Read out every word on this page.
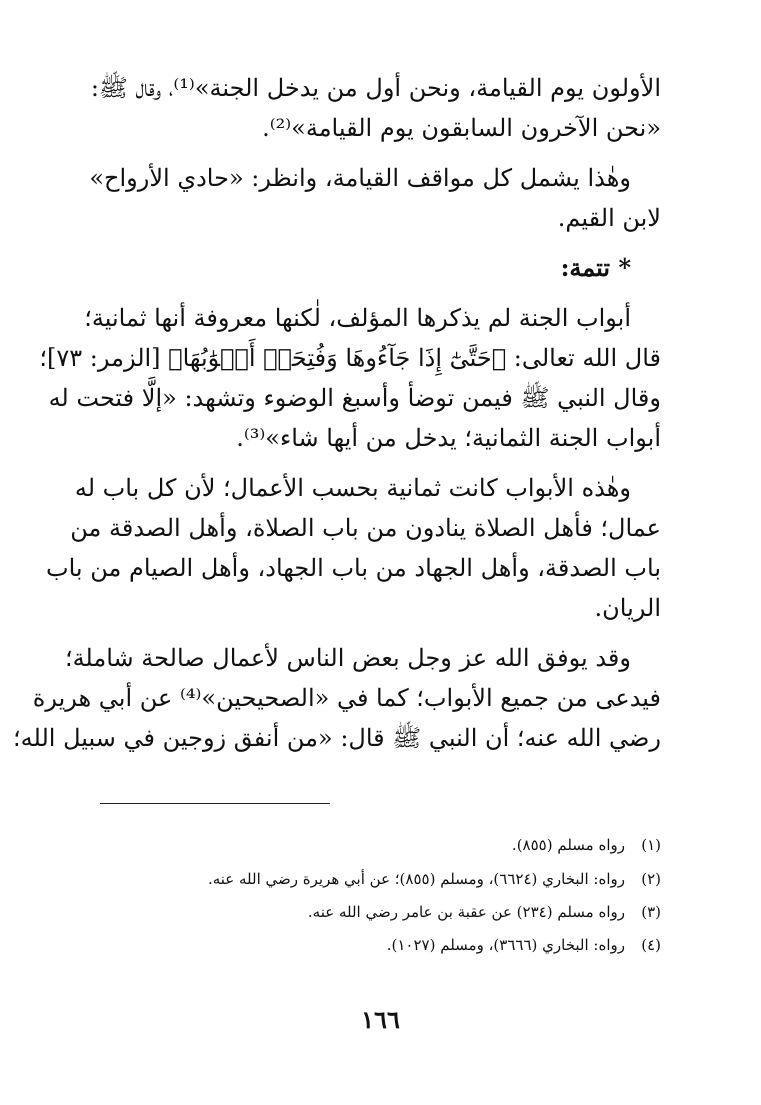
الأولون يوم القيامة، ونحن أول من يدخل الجنة»⁽¹⁾، وقال ﷺ:
«نحن الآخرون السابقون يوم القيامة»⁽²⁾.
وهٰذا يشمل كل مواقف القيامة، وانظر: «حادي الأرواح»
لابن القيم.
* تتمة:
أبواب الجنة لم يذكرها المؤلف، لٰكنها معروفة أنها ثمانية؛
قال الله تعالى: ﴿حَتَّىٰٓ إِذَا جَآءُوهَا وَفُتِحَتۡ أَبۡوَٰبُهَا﴾ [الزمر: ٧٣]؛
وقال النبي ﷺ فيمن توضأ وأسبغ الوضوء وتشهد: «إلَّا فتحت له
أبواب الجنة الثمانية؛ يدخل من أيها شاء»⁽³⁾.
وهٰذه الأبواب كانت ثمانية بحسب الأعمال؛ لأن كل باب له
عمال؛ فأهل الصلاة ينادون من باب الصلاة، وأهل الصدقة من
باب الصدقة، وأهل الجهاد من باب الجهاد، وأهل الصيام من باب
الريان.
وقد يوفق الله عز وجل بعض الناس لأعمال صالحة شاملة؛
فيدعى من جميع الأبواب؛ كما في «الصحيحين»⁽⁴⁾ عن أبي هريرة
رضي الله عنه؛ أن النبي ﷺ قال: «من أنفق زوجين في سبيل الله؛
(١)رواه مسلم (٨٥٥).
(٢)رواه: البخاري (٦٦٢٤)، ومسلم (٨٥٥)؛ عن أبي هريرة رضي الله عنه.
(٣)رواه مسلم (٢٣٤) عن عقبة بن عامر رضي الله عنه.
(٤)رواه: البخاري (٣٦٦٦)، ومسلم (١٠٢٧).
١٦٦
